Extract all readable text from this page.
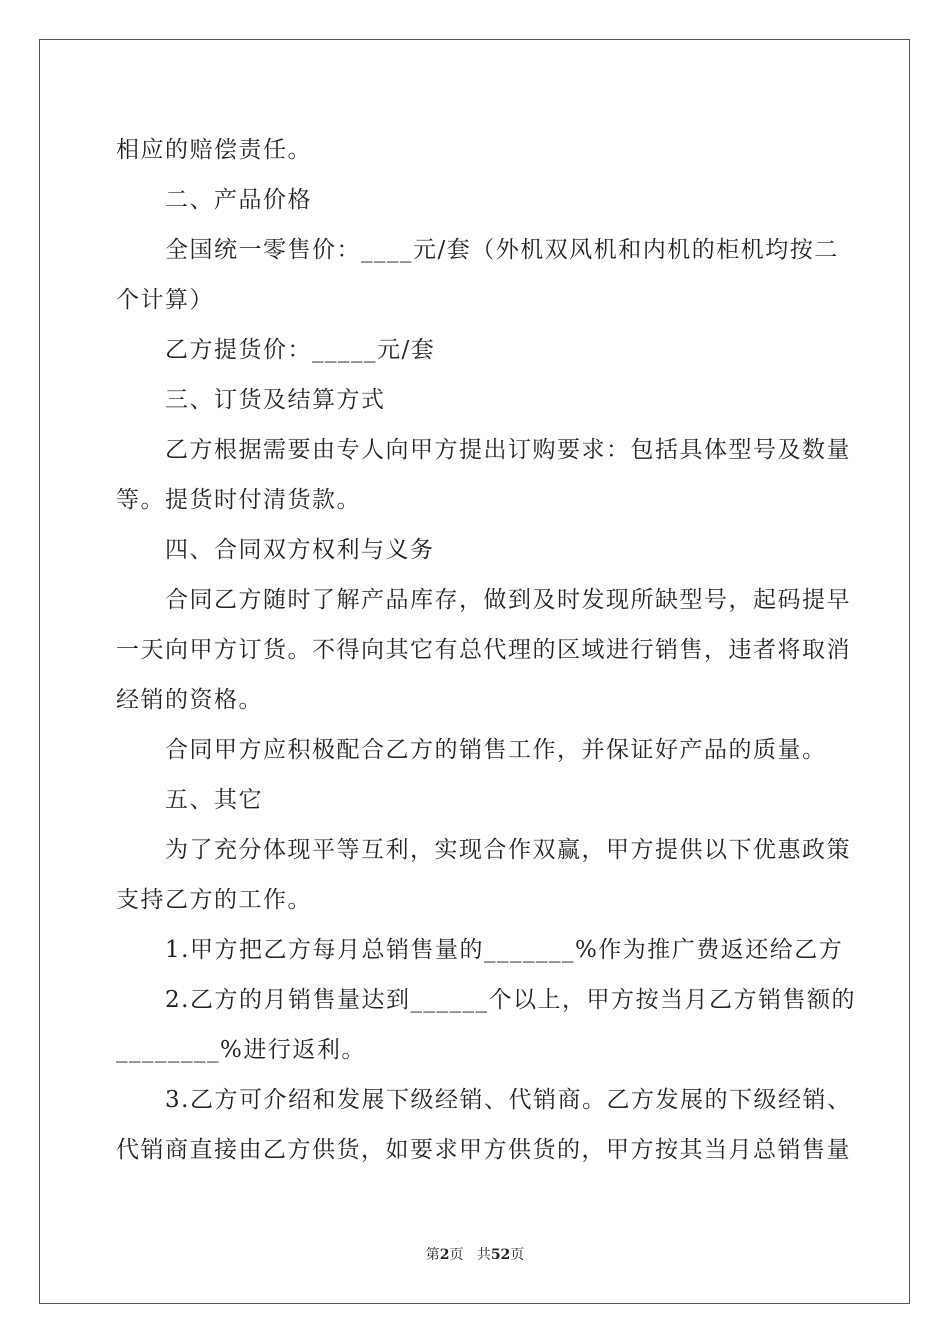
相应的赔偿责任。
二、产品价格
全国统一零售价：____元/套（外机双风机和内机的柜机均按二
个计算）
乙方提货价：_____元/套
三、订货及结算方式
乙方根据需要由专人向甲方提出订购要求：包括具体型号及数量
等。提货时付清货款。
四、合同双方权利与义务
合同乙方随时了解产品库存，做到及时发现所缺型号，起码提早
一天向甲方订货。不得向其它有总代理的区域进行销售，违者将取消
经销的资格。
合同甲方应积极配合乙方的销售工作，并保证好产品的质量。
五、其它
为了充分体现平等互利，实现合作双赢，甲方提供以下优惠政策
支持乙方的工作。
1.甲方把乙方每月总销售量的_______%作为推广费返还给乙方
2.乙方的月销售量达到______个以上，甲方按当月乙方销售额的
________%进行返利。
3.乙方可介绍和发展下级经销、代销商。乙方发展的下级经销、
代销商直接由乙方供货，如要求甲方供货的，甲方按其当月总销售量
第2页 共52页
